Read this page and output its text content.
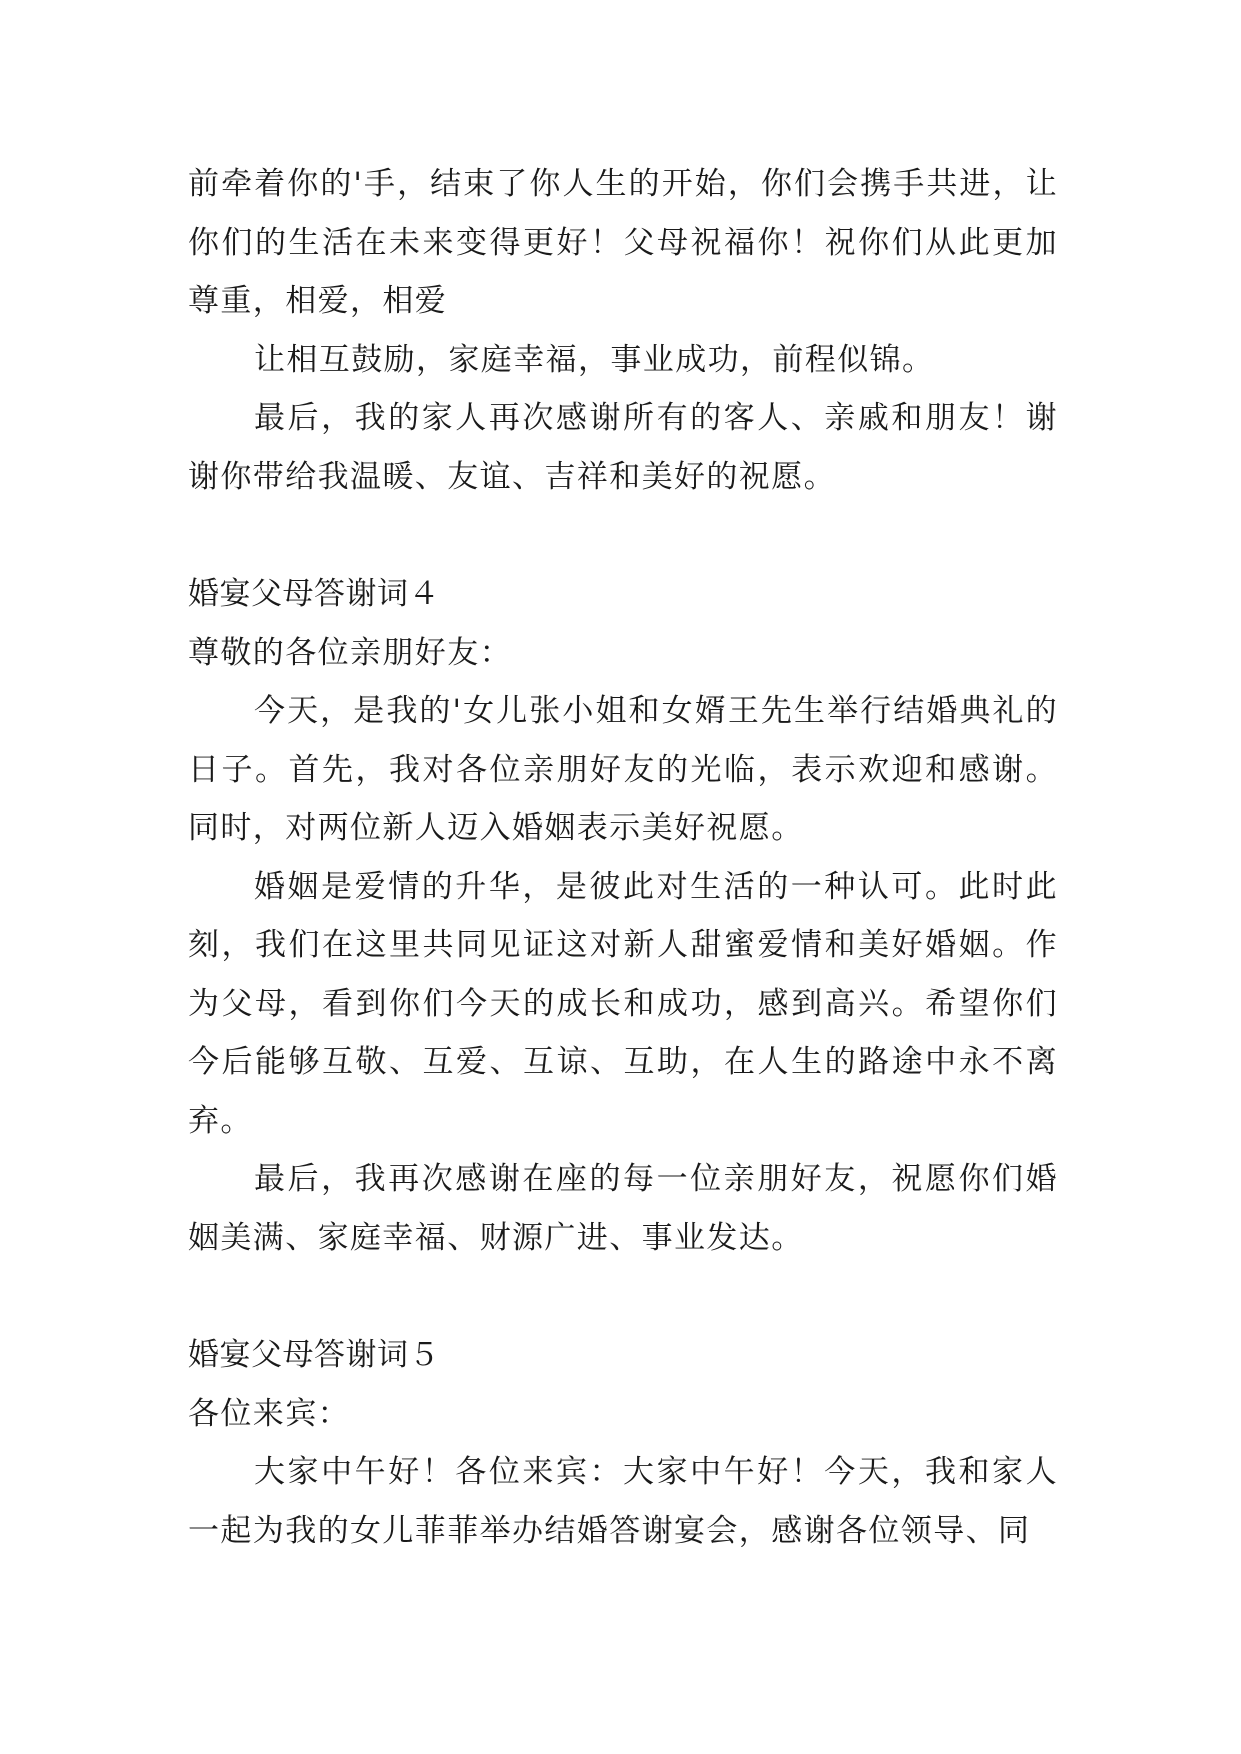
前牵着你的'手，结束了你人生的开始，你们会携手共进，让你们的生活在未来变得更好！父母祝福你！祝你们从此更加尊重，相爱，相爱

让相互鼓励，家庭幸福，事业成功，前程似锦。

最后，我的家人再次感谢所有的客人、亲戚和朋友！谢谢你带给我温暖、友谊、吉祥和美好的祝愿。

婚宴父母答谢词４

尊敬的各位亲朋好友：

今天，是我的'女儿张小姐和女婿王先生举行结婚典礼的日子。首先，我对各位亲朋好友的光临，表示欢迎和感谢。同时，对两位新人迈入婚姻表示美好祝愿。

婚姻是爱情的升华，是彼此对生活的一种认可。此时此刻，我们在这里共同见证这对新人甜蜜爱情和美好婚姻。作为父母，看到你们今天的成长和成功，感到高兴。希望你们今后能够互敬、互爱、互谅、互助，在人生的路途中永不离弃。

最后，我再次感谢在座的每一位亲朋好友，祝愿你们婚姻美满、家庭幸福、财源广进、事业发达。

婚宴父母答谢词５

各位来宾：

大家中午好！各位来宾：大家中午好！今天，我和家人一起为我的女儿菲菲举办结婚答谢宴会，感谢各位领导、同
